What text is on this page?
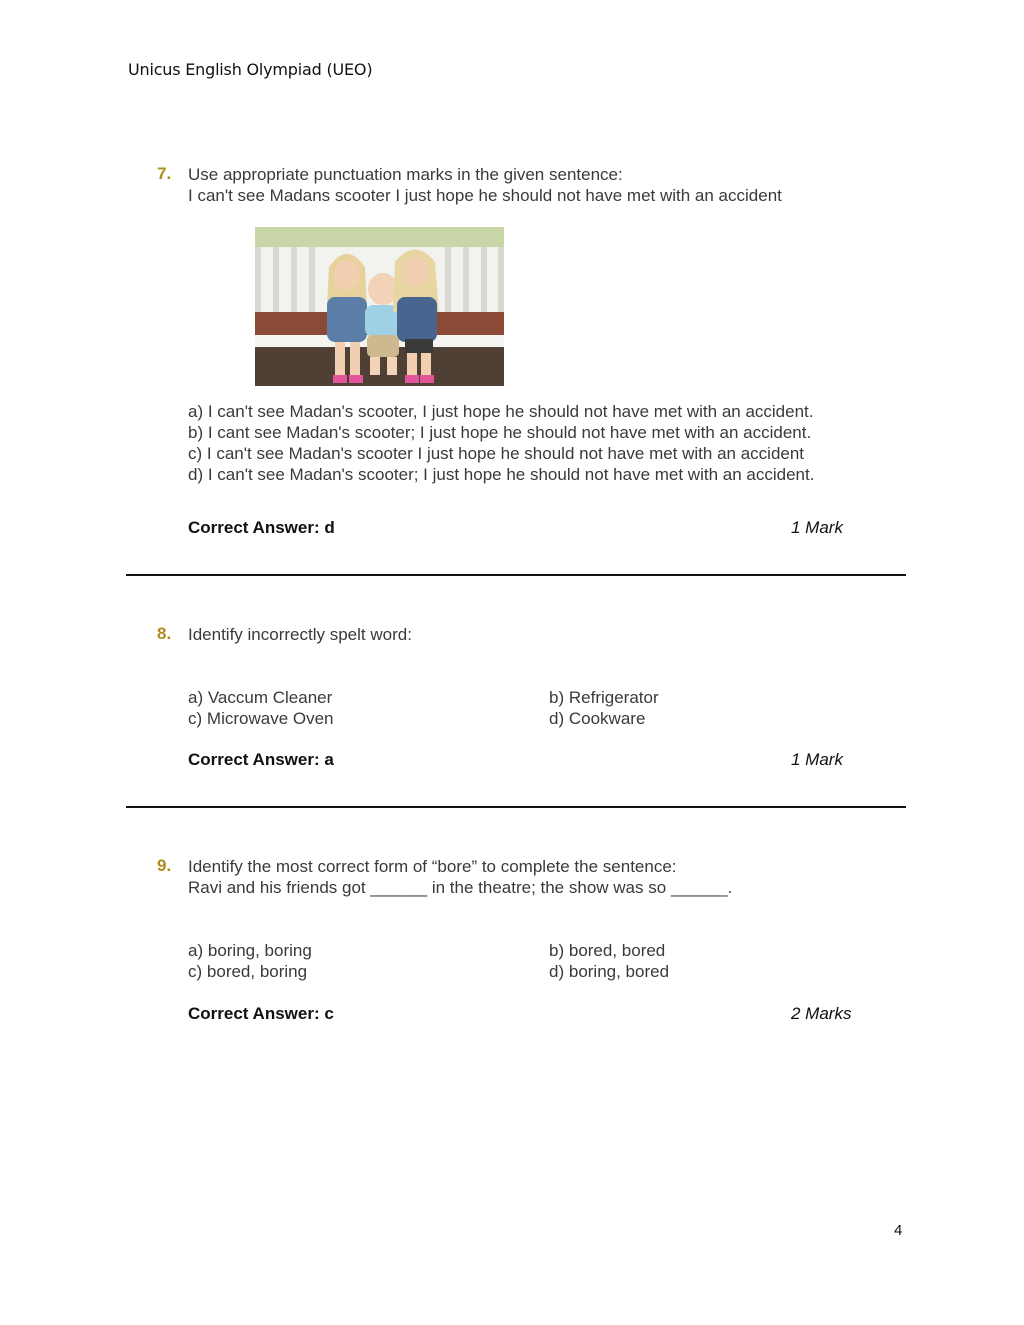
Unicus English Olympiad (UEO)
7. Use appropriate punctuation marks in the given sentence:
I can't see Madans scooter I just hope he should not have met with an accident
a) I can't see Madan's scooter, I just hope he should not have met with an accident.
b) I cant see Madan's scooter; I just hope he should not have met with an accident.
c) I can't see Madan's scooter I just hope he should not have met with an accident
d) I can't see Madan's scooter; I just hope he should not have met with an accident.
Correct Answer: d	1 Mark
8. Identify incorrectly spelt word:
a) Vaccum Cleaner	b) Refrigerator
c) Microwave Oven	d) Cookware
Correct Answer: a	1 Mark
9. Identify the most correct form of “bore” to complete the sentence:
Ravi and his friends got ______ in the theatre; the show was so ______.
a) boring, boring	b) bored, bored
c) bored, boring	d) boring, bored
Correct Answer: c	2 Marks
4
